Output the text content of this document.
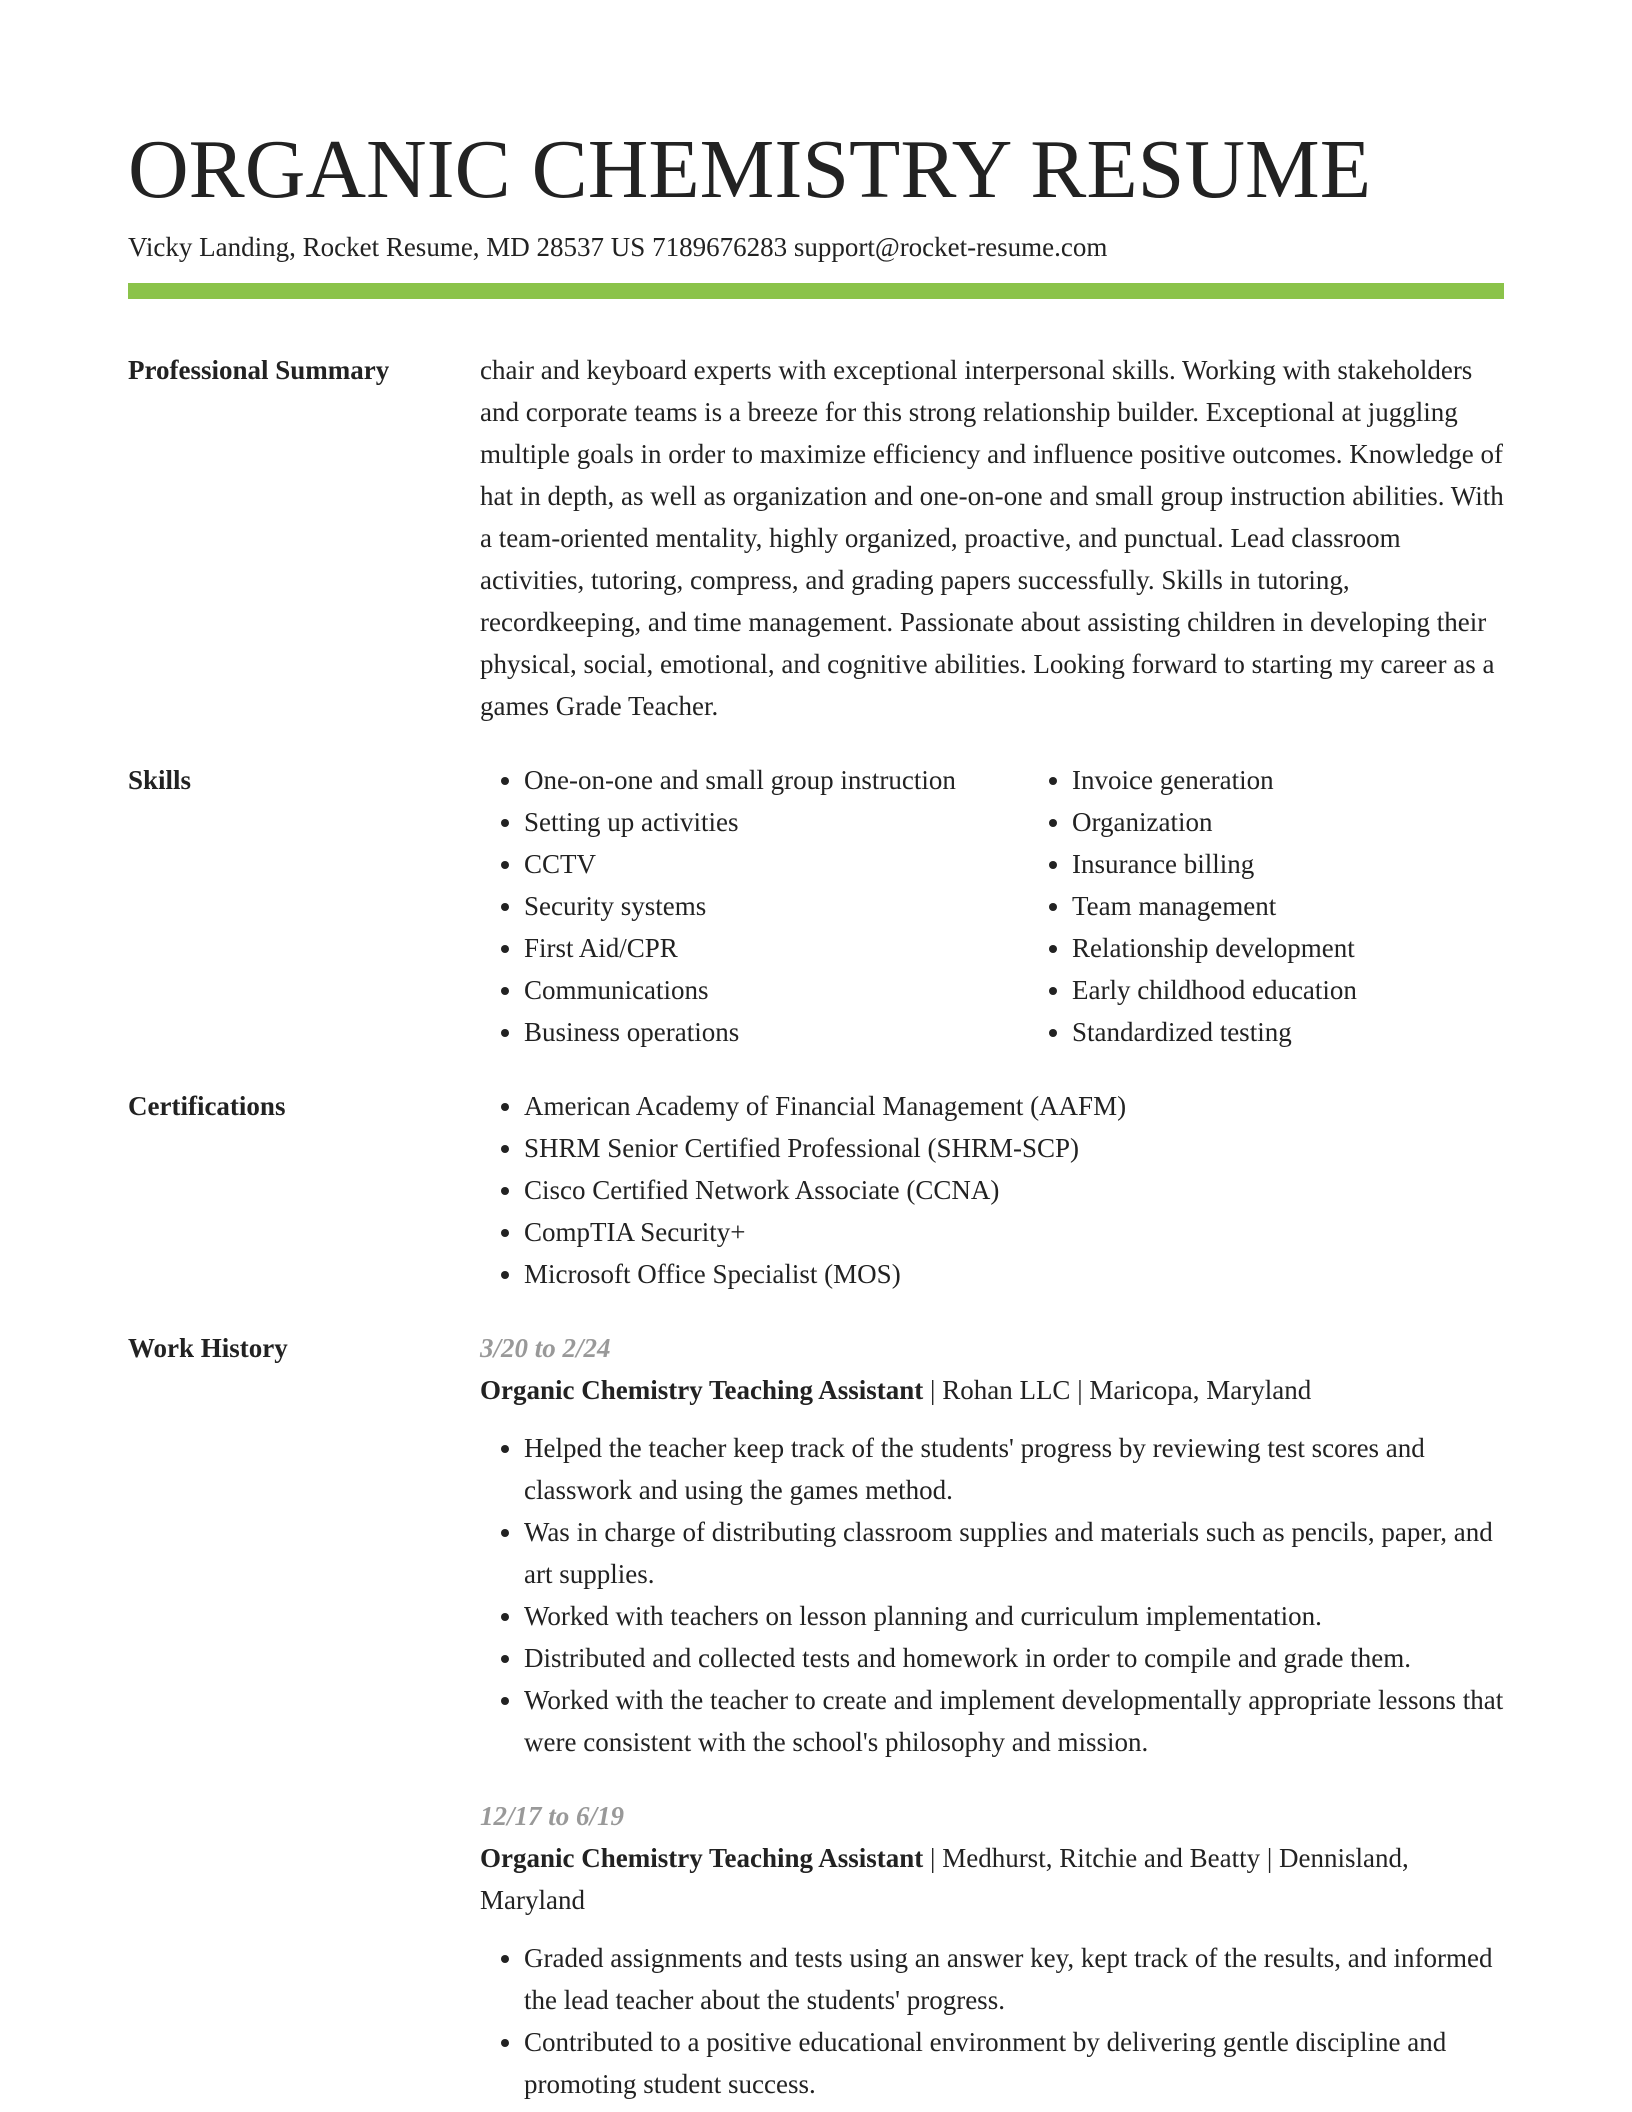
ORGANIC CHEMISTRY RESUME
Vicky Landing, Rocket Resume, MD 28537 US 7189676283 support@rocket-resume.com
Professional Summary	chair and keyboard experts with exceptional interpersonal skills. Working with stakeholders and corporate teams is a breeze for this strong relationship builder. Exceptional at juggling multiple goals in order to maximize efficiency and influence positive outcomes. Knowledge of hat in depth, as well as organization and one-on-one and small group instruction abilities. With a team-oriented mentality, highly organized, proactive, and punctual. Lead classroom activities, tutoring, compress, and grading papers successfully. Skills in tutoring, recordkeeping, and time management. Passionate about assisting children in developing their physical, social, emotional, and cognitive abilities. Looking forward to starting my career as a games Grade Teacher.
Skills	• One-on-one and small group instruction
• Setting up activities
• CCTV
• Security systems
• First Aid/CPR
• Communications
• Business operations
• Invoice generation
• Organization
• Insurance billing
• Team management
• Relationship development
• Early childhood education
• Standardized testing
Certifications	• American Academy of Financial Management (AAFM)
• SHRM Senior Certified Professional (SHRM-SCP)
• Cisco Certified Network Associate (CCNA)
• CompTIA Security+
• Microsoft Office Specialist (MOS)
Work History	3/20 to 2/24
Organic Chemistry Teaching Assistant | Rohan LLC | Maricopa, Maryland
• Helped the teacher keep track of the students' progress by reviewing test scores and classwork and using the games method.
• Was in charge of distributing classroom supplies and materials such as pencils, paper, and art supplies.
• Worked with teachers on lesson planning and curriculum implementation.
• Distributed and collected tests and homework in order to compile and grade them.
• Worked with the teacher to create and implement developmentally appropriate lessons that were consistent with the school's philosophy and mission.
12/17 to 6/19
Organic Chemistry Teaching Assistant | Medhurst, Ritchie and Beatty | Dennisland, Maryland
• Graded assignments and tests using an answer key, kept track of the results, and informed the lead teacher about the students' progress.
• Contributed to a positive educational environment by delivering gentle discipline and promoting student success.
